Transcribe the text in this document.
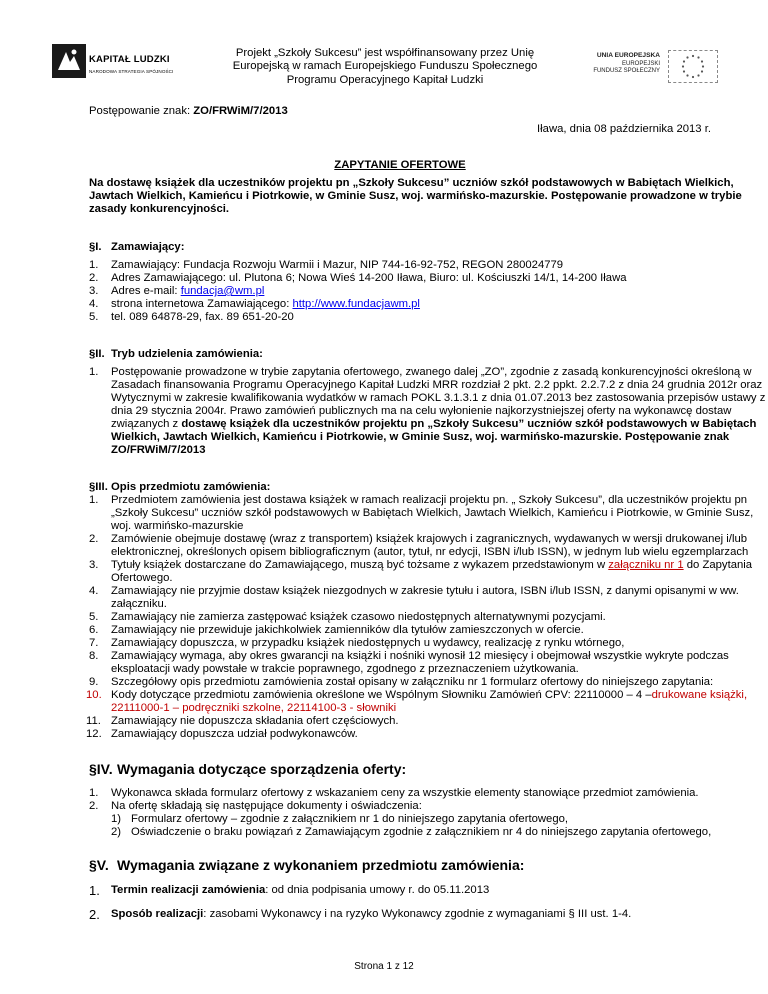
KAPITAŁ LUDZKI
NARODOWA STRATEGIA SPÓJNOŚCI
Projekt „Szkoły Sukcesu” jest współfinansowany przez Unię
Europejską w ramach Europejskiego Funduszu Społecznego
Programu Operacyjnego Kapitał Ludzki
UNIA EUROPEJSKA
EUROPEJSKI
FUNDUSZ SPOŁECZNY
Postępowanie znak: ZO/FRWiM/7/2013
Iława, dnia 08 października 2013 r.
ZAPYTANIE OFERTOWE
Na dostawę książek dla uczestników projektu pn „Szkoły Sukcesu” uczniów szkół podstawowych w Babiętach Wielkich,
Jawtach Wielkich, Kamieńcu i Piotrkowie, w Gminie Susz, woj. warmińsko-mazurskie. Postępowanie prowadzone w trybie
zasady konkurencyjności.
§I. Zamawiający:
1. Zamawiający: Fundacja Rozwoju Warmii i Mazur, NIP 744-16-92-752, REGON 280024779
2. Adres Zamawiającego: ul. Plutona 6; Nowa Wieś 14-200 Iława, Biuro: ul. Kościuszki 14/1, 14-200 Iława
3. Adres e-mail: fundacja@wm.pl
4. strona internetowa Zamawiającego: http://www.fundacjawm.pl
5. tel. 089 64878-29, fax. 89 651-20-20
§II. Tryb udzielenia zamówienia:
1. Postępowanie prowadzone w trybie zapytania ofertowego, zwanego dalej „ZO”, zgodnie z zasadą konkurencyjności określoną w
Zasadach finansowania Programu Operacyjnego Kapitał Ludzki MRR rozdział 2 pkt. 2.2 ppkt. 2.2.7.2 z dnia 24 grudnia 2012r oraz
Wytycznymi w zakresie kwalifikowania wydatków w ramach POKL 3.1.3.1 z dnia 01.07.2013 bez zastosowania przepisów ustawy z
dnia 29 stycznia 2004r. Prawo zamówień publicznych ma na celu wyłonienie najkorzystniejszej oferty na wykonawcę dostaw
związanych z dostawę książek dla uczestników projektu pn „Szkoły Sukcesu” uczniów szkół podstawowych w Babiętach
Wielkich, Jawtach Wielkich, Kamieńcu i Piotrkowie, w Gminie Susz, woj. warmińsko-mazurskie. Postępowanie znak
ZO/FRWiM/7/2013
§III. Opis przedmiotu zamówienia:
1. Przedmiotem zamówienia jest dostawa książek w ramach realizacji projektu pn. „ Szkoły Sukcesu”, dla uczestników projektu pn
„Szkoły Sukcesu” uczniów szkół podstawowych w Babiętach Wielkich, Jawtach Wielkich, Kamieńcu i Piotrkowie, w Gminie Susz,
woj. warmińsko-mazurskie
2. Zamówienie obejmuje dostawę (wraz z transportem) książek krajowych i zagranicznych, wydawanych w wersji drukowanej i/lub
elektronicznej, określonych opisem bibliograficznym (autor, tytuł, nr edycji, ISBN i/lub ISSN), w jednym lub wielu egzemplarzach
3. Tytuły książek dostarczane do Zamawiającego, muszą być tożsame z wykazem przedstawionym w załączniku nr 1 do Zapytania
Ofertowego.
4. Zamawiający nie przyjmie dostaw książek niezgodnych w zakresie tytułu i autora, ISBN i/lub ISSN, z danymi opisanymi w ww.
załączniku.
5. Zamawiający nie zamierza zastępować książek czasowo niedostępnych alternatywnymi pozycjami.
6. Zamawiający nie przewiduje jakichkolwiek zamienników dla tytułów zamieszczonych w ofercie.
7. Zamawiający dopuszcza, w przypadku książek niedostępnych u wydawcy, realizację z rynku wtórnego,
8. Zamawiający wymaga, aby okres gwarancji na książki i nośniki wynosił 12 miesięcy i obejmował wszystkie wykryte podczas
eksploatacji wady powstałe w trakcie poprawnego, zgodnego z przeznaczeniem użytkowania.
9. Szczegółowy opis przedmiotu zamówienia został opisany w załączniku nr 1 formularz ofertowy do niniejszego zapytania:
10. Kody dotyczące przedmiotu zamówienia określone we Wspólnym Słowniku Zamówień CPV: 22110000 – 4 –drukowane książki,
22111000-1 – podręczniki szkolne, 22114100-3 - słowniki
11. Zamawiający nie dopuszcza składania ofert częściowych.
12. Zamawiający dopuszcza udział podwykonawców.
§IV. Wymagania dotyczące sporządzenia oferty:
1. Wykonawca składa formularz ofertowy z wskazaniem ceny za wszystkie elementy stanowiące przedmiot zamówienia.
2. Na ofertę składają się następujące dokumenty i oświadczenia:
1) Formularz ofertowy – zgodnie z załącznikiem nr 1 do niniejszego zapytania ofertowego,
2) Oświadczenie o braku powiązań z Zamawiającym zgodnie z załącznikiem nr 4 do niniejszego zapytania ofertowego,
§V. Wymagania związane z wykonaniem przedmiotu zamówienia:
1. Termin realizacji zamówienia: od dnia podpisania umowy r. do 05.11.2013
2. Sposób realizacji: zasobami Wykonawcy i na ryzyko Wykonawcy zgodnie z wymaganiami § III ust. 1-4.
Strona 1 z 12
